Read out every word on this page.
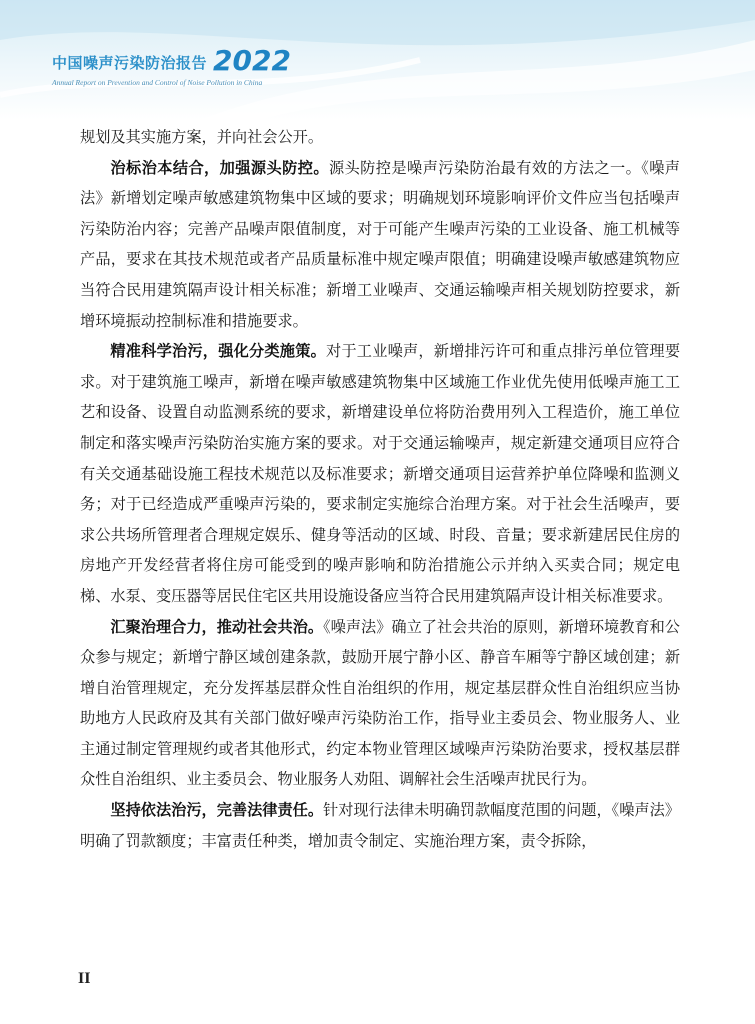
中国噪声污染防治报告 2022
Annual Report on Prevention and Control of Noise Pollution in China

规划及其实施方案，并向社会公开。

治标治本结合，加强源头防控。源头防控是噪声污染防治最有效的方法之一。《噪声法》新增划定噪声敏感建筑物集中区域的要求；明确规划环境影响评价文件应当包括噪声污染防治内容；完善产品噪声限值制度，对于可能产生噪声污染的工业设备、施工机械等产品，要求在其技术规范或者产品质量标准中规定噪声限值；明确建设噪声敏感建筑物应当符合民用建筑隔声设计相关标准；新增工业噪声、交通运输噪声相关规划防控要求，新增环境振动控制标准和措施要求。

精准科学治污，强化分类施策。对于工业噪声，新增排污许可和重点排污单位管理要求。对于建筑施工噪声，新增在噪声敏感建筑物集中区域施工作业优先使用低噪声施工工艺和设备、设置自动监测系统的要求，新增建设单位将防治费用列入工程造价，施工单位制定和落实噪声污染防治实施方案的要求。对于交通运输噪声，规定新建交通项目应符合有关交通基础设施工程技术规范以及标准要求；新增交通项目运营养护单位降噪和监测义务；对于已经造成严重噪声污染的，要求制定实施综合治理方案。对于社会生活噪声，要求公共场所管理者合理规定娱乐、健身等活动的区域、时段、音量；要求新建居民住房的房地产开发经营者将住房可能受到的噪声影响和防治措施公示并纳入买卖合同；规定电梯、水泵、变压器等居民住宅区共用设施设备应当符合民用建筑隔声设计相关标准要求。

汇聚治理合力，推动社会共治。《噪声法》确立了社会共治的原则，新增环境教育和公众参与规定；新增宁静区域创建条款，鼓励开展宁静小区、静音车厢等宁静区域创建；新增自治管理规定，充分发挥基层群众性自治组织的作用，规定基层群众性自治组织应当协助地方人民政府及其有关部门做好噪声污染防治工作，指导业主委员会、物业服务人、业主通过制定管理规约或者其他形式，约定本物业管理区域噪声污染防治要求，授权基层群众性自治组织、业主委员会、物业服务人劝阻、调解社会生活噪声扰民行为。

坚持依法治污，完善法律责任。针对现行法律未明确罚款幅度范围的问题，《噪声法》明确了罚款额度；丰富责任种类，增加责令制定、实施治理方案，责令拆除，

II
